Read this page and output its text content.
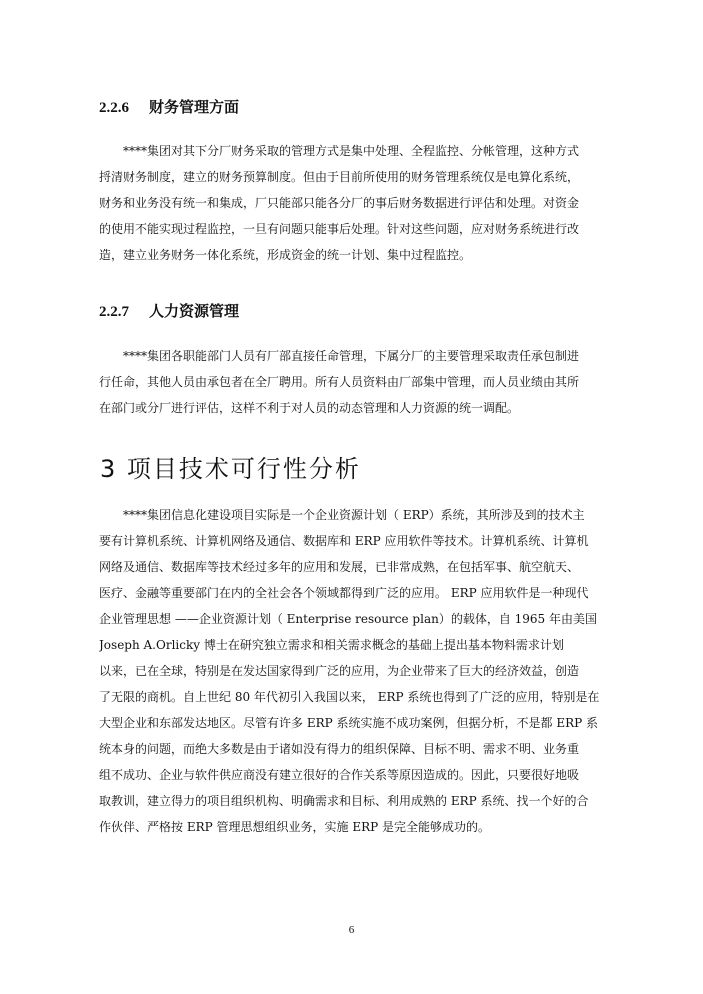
2.2.6 财务管理方面
****集团对其下分厂财务采取的管理方式是集中处理、全程监控、分帐管理，这种方式
捋清财务制度，建立的财务预算制度。但由于目前所使用的财务管理系统仅是电算化系统，
财务和业务没有统一和集成，厂只能部只能各分厂的事后财务数据进行评估和处理。对资金
的使用不能实现过程监控，一旦有问题只能事后处理。针对这些问题，应对财务系统进行改
造，建立业务财务一体化系统，形成资金的统一计划、集中过程监控。
2.2.7 人力资源管理
****集团各职能部门人员有厂部直接任命管理，下属分厂的主要管理采取责任承包制进
行任命，其他人员由承包者在全厂聘用。所有人员资料由厂部集中管理，而人员业绩由其所
在部门或分厂进行评估，这样不利于对人员的动态管理和人力资源的统一调配。
3 项目技术可行性分析
****集团信息化建设项目实际是一个企业资源计划（ ERP）系统，其所涉及到的技术主
要有计算机系统、计算机网络及通信、数据库和 ERP 应用软件等技术。计算机系统、计算机
网络及通信、数据库等技术经过多年的应用和发展，已非常成熟，在包括军事、航空航天、
医疗、金融等重要部门在内的全社会各个领域都得到广泛的应用。 ERP 应用软件是一种现代
企业管理思想 ——企业资源计划（ Enterprise resource plan）的载体，自 1965 年由美国
Joseph A.Orlicky 博士在研究独立需求和相关需求概念的基础上提出基本物料需求计划
以来，已在全球，特别是在发达国家得到广泛的应用，为企业带来了巨大的经济效益，创造
了无限的商机。自上世纪 80 年代初引入我国以来， ERP 系统也得到了广泛的应用，特别是在
大型企业和东部发达地区。尽管有许多 ERP 系统实施不成功案例，但据分析，不是都 ERP 系
统本身的问题，而绝大多数是由于诸如没有得力的组织保障、目标不明、需求不明、业务重
组不成功、企业与软件供应商没有建立很好的合作关系等原因造成的。因此，只要很好地吸
取教训，建立得力的项目组织机构、明确需求和目标、利用成熟的 ERP 系统、找一个好的合
作伙伴、严格按 ERP 管理思想组织业务，实施 ERP 是完全能够成功的。
6
